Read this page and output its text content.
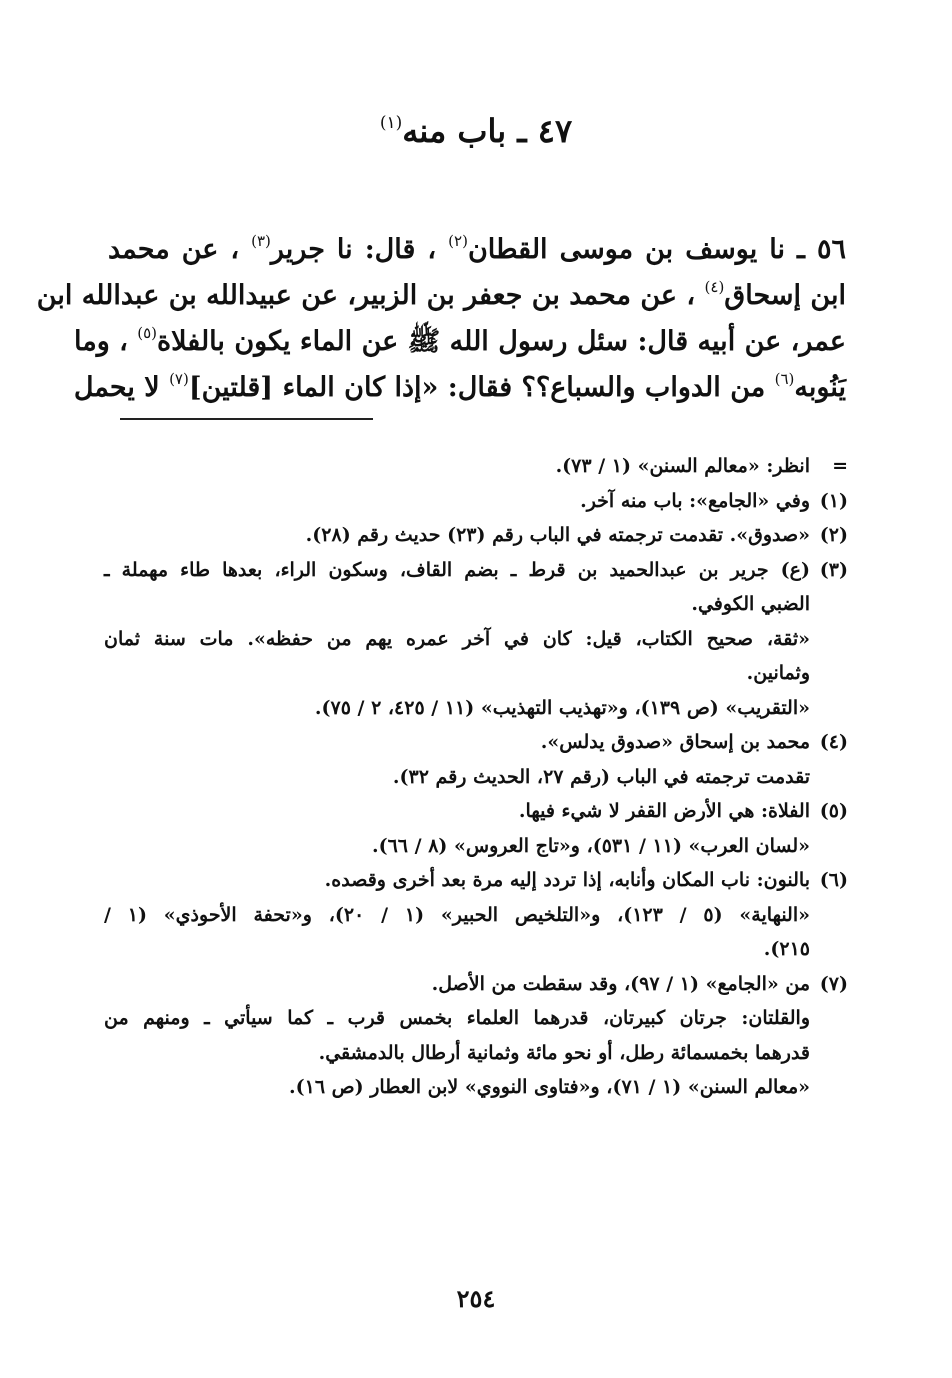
٤٧ ـ باب منه$^{(١)}$
٥٦ ـ نا يوسف بن موسى القطان$^{(٢)}$ ، قال: نا جرير$^{(٣)}$ ، عن محمد
ابن إسحاق$^{(٤)}$ ، عن محمد بن جعفر بن الزبير، عن عبيدالله بن عبدالله ابن
عمر، عن أبيه قال: سئل رسول الله ﷺ عن الماء يكون بالفلاة$^{(٥)}$ ، وما
يَنُوبه$^{(٦)}$ من الدواب والسباع؟؟ فقال: «إذا كان الماء [قلتين]$^{(٧)}$ لا يحمل
=
انظر: «معالم السنن» (١ / ٧٣).
(١)
وفي «الجامع»: باب منه آخر.
(٢)
«صدوق». تقدمت ترجمته في الباب رقم (٢٣) حديث رقم (٢٨).
(٣)
(ع) جرير بن عبدالحميد بن قرط ـ بضم القاف، وسكون الراء، بعدها طاء مهملة ـ
الضبي الكوفي.
«ثقة، صحيح الكتاب، قيل: كان في آخر عمره يهم من حفظه». مات سنة ثمان
وثمانين.
«التقريب» (ص ١٣٩)، و«تهذيب التهذيب» (١١ / ٤٢٥، ٢ / ٧٥).
(٤)
محمد بن إسحاق «صدوق يدلس».
تقدمت ترجمته في الباب (رقم ٢٧، الحديث رقم ٣٢).
(٥)
الفلاة: هي الأرض القفر لا شيء فيها.
«لسان العرب» (١١ / ٥٣١)، و«تاج العروس» (٨ / ٦٦).
(٦)
بالنون: ناب المكان وأنابه، إذا تردد إليه مرة بعد أخرى وقصده.
«النهاية» (٥ / ١٢٣)، و«التلخيص الحبير» (١ / ٢٠)، و«تحفة الأحوذي» (١ /
٢١٥).
(٧)
من «الجامع» (١ / ٩٧)، وقد سقطت من الأصل.
والقلتان: جرتان كبيرتان، قدرهما العلماء بخمس قرب ـ كما سيأتي ـ ومنهم من
قدرهما بخمسمائة رطل، أو نحو مائة وثمانية أرطال بالدمشقي.
«معالم السنن» (١ / ٧١)، و«فتاوى النووي» لابن العطار (ص ١٦).
٢٥٤
